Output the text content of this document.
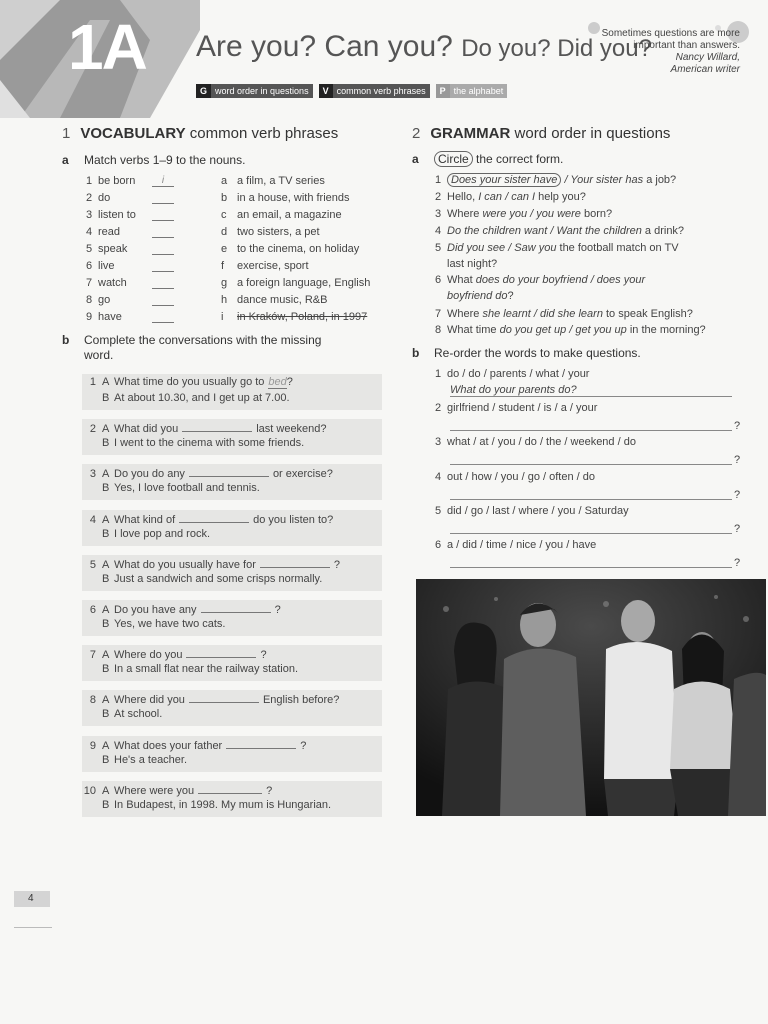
1A Are you? Can you? Do you? Did you?
G word order in questions	V common verb phrases	P the alphabet
Sometimes questions are more
important than answers.
Nancy Willard,
American writer
1 VOCABULARY common verb phrases
a Match verbs 1–9 to the nouns.
1 be born	i	a a film, a TV series
2 do	b in a house, with friends
3 listen to	c an email, a magazine
4 read	d two sisters, a pet
5 speak	e to the cinema, on holiday
6 live	f exercise, sport
7 watch	g a foreign language, English
8 go	h dance music, R&B
9 have	i in Kraków, Poland, in 1997
b Complete the conversations with the missing
word.
1 A What time do you usually go to bed?
B At about 10.30, and I get up at 7.00.
2 A What did you	last weekend?
B I went to the cinema with some friends.
3 A Do you do any	or exercise?
B Yes, I love football and tennis.
4 A What kind of	do you listen to?
B I love pop and rock.
5 A What do you usually have for	?
B Just a sandwich and some crisps normally.
6 A Do you have any	?
B Yes, we have two cats.
7 A Where do you	?
B In a small flat near the railway station.
8 A Where did you	English before?
B At school.
9 A What does your father	?
B He's a teacher.
10 A Where were you	?
B In Budapest, in 1998. My mum is Hungarian.
2 GRAMMAR word order in questions
a Circle the correct form.
1 Does your sister have / Your sister has a job?
2 Hello, I can / can I help you?
3 Where were you / you were born?
4 Do the children want / Want the children a drink?
5 Did you see / Saw you the football match on TV
last night?
6 What does do your boyfriend / does your
boyfriend do?
7 Where she learnt / did she learn to speak English?
8 What time do you get up / get you up in the morning?
b Re-order the words to make questions.
1 do / do / parents / what / your
What do your parents do?
2 girlfriend / student / is / a / your
?
3 what / at / you / do / the / weekend / do
?
4 out / how / you / go / often / do
?
5 did / go / last / where / you / Saturday
?
6 a / did / time / nice / you / have
?
4
